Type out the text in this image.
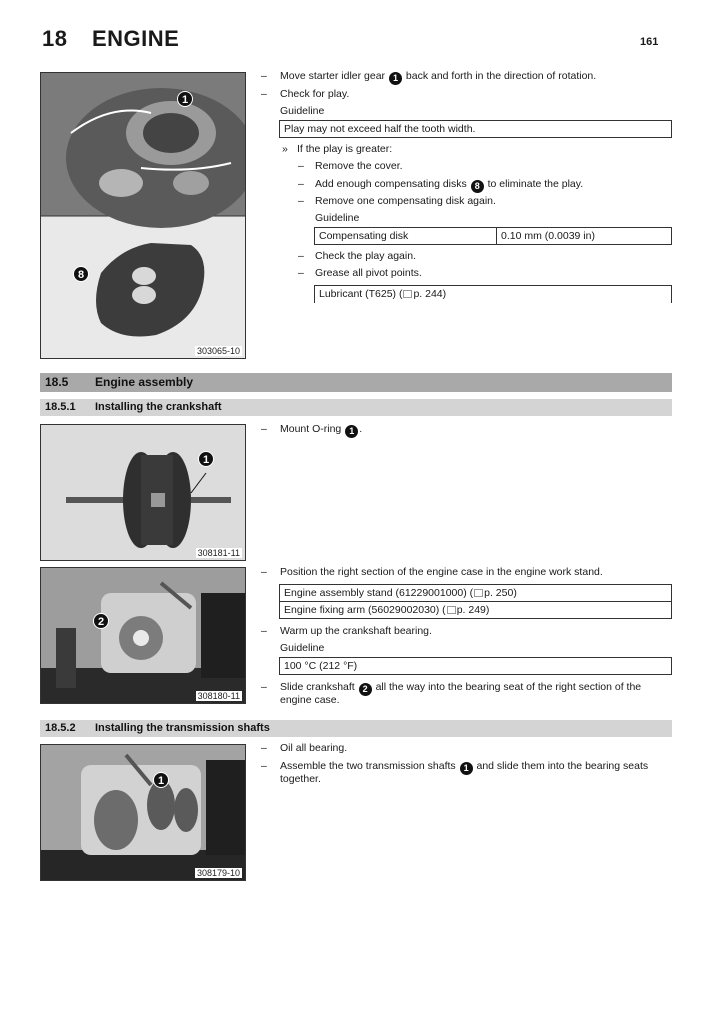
18 ENGINE	161
1
8
303065-10
– Move starter idler gear 1 back and forth in the direction of rotation.
– Check for play.
Guideline
Play may not exceed half the tooth width.
» If the play is greater:
– Remove the cover.
– Add enough compensating disks 8 to eliminate the play.
– Remove one compensating disk again.
Guideline
Compensating disk	0.10 mm (0.0039 in)
– Check the play again.
– Grease all pivot points.
Lubricant (T625) ( p. 244)
18.5 Engine assembly
18.5.1 Installing the crankshaft
1
308181-11
– Mount O-ring 1 .
2
308180-11
– Position the right section of the engine case in the engine work stand.
Engine assembly stand (61229001000) ( p. 250)
Engine fixing arm (56029002030) ( p. 249)
– Warm up the crankshaft bearing.
Guideline
100 °C (212 °F)
– Slide crankshaft 2 all the way into the bearing seat of the right section of the
engine case.
18.5.2 Installing the transmission shafts
1
308179-10
– Oil all bearing.
– Assemble the two transmission shafts 1 and slide them into the bearing seats
together.
